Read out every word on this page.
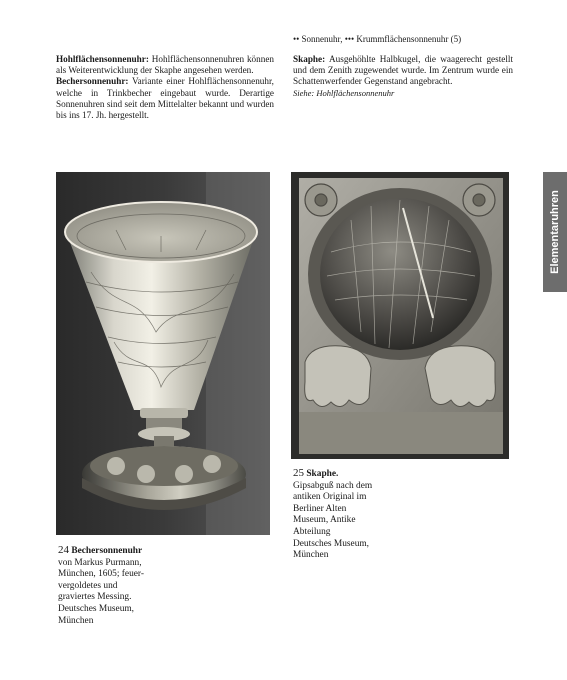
•• Sonnenuhr, ••• Krummflächensonnenuhr (5)

Hohlflächensonnenuhr: Hohlflächensonnenuhren können als Weiterentwicklung der Skaphe angesehen werden.

Bechersonnenuhr: Variante einer Hohlflächensonnenuhr, welche in Trinkbecher eingebaut wurde. Derartige Sonnenuhren sind seit dem Mittelalter bekannt und wurden bis ins 17. Jh. hergestellt.

Skaphe: Ausgehöhlte Halbkugel, die waagerecht gestellt und dem Zenith zugewendet wurde. Im Zentrum wurde ein Schattenwerfender Gegenstand angebracht.

Siehe: Hohlflächensonnenuhr

24 Bechersonnenuhr
von Markus Purmann,
München, 1605; feuer-
vergoldetes und
graviertes Messing.
Deutsches Museum,
München
25 Skaphe.
Gipsabguß nach dem
antiken Original im
Berliner Alten
Museum, Antike
Abteilung
Deutsches Museum,
München
Elementaruhren
